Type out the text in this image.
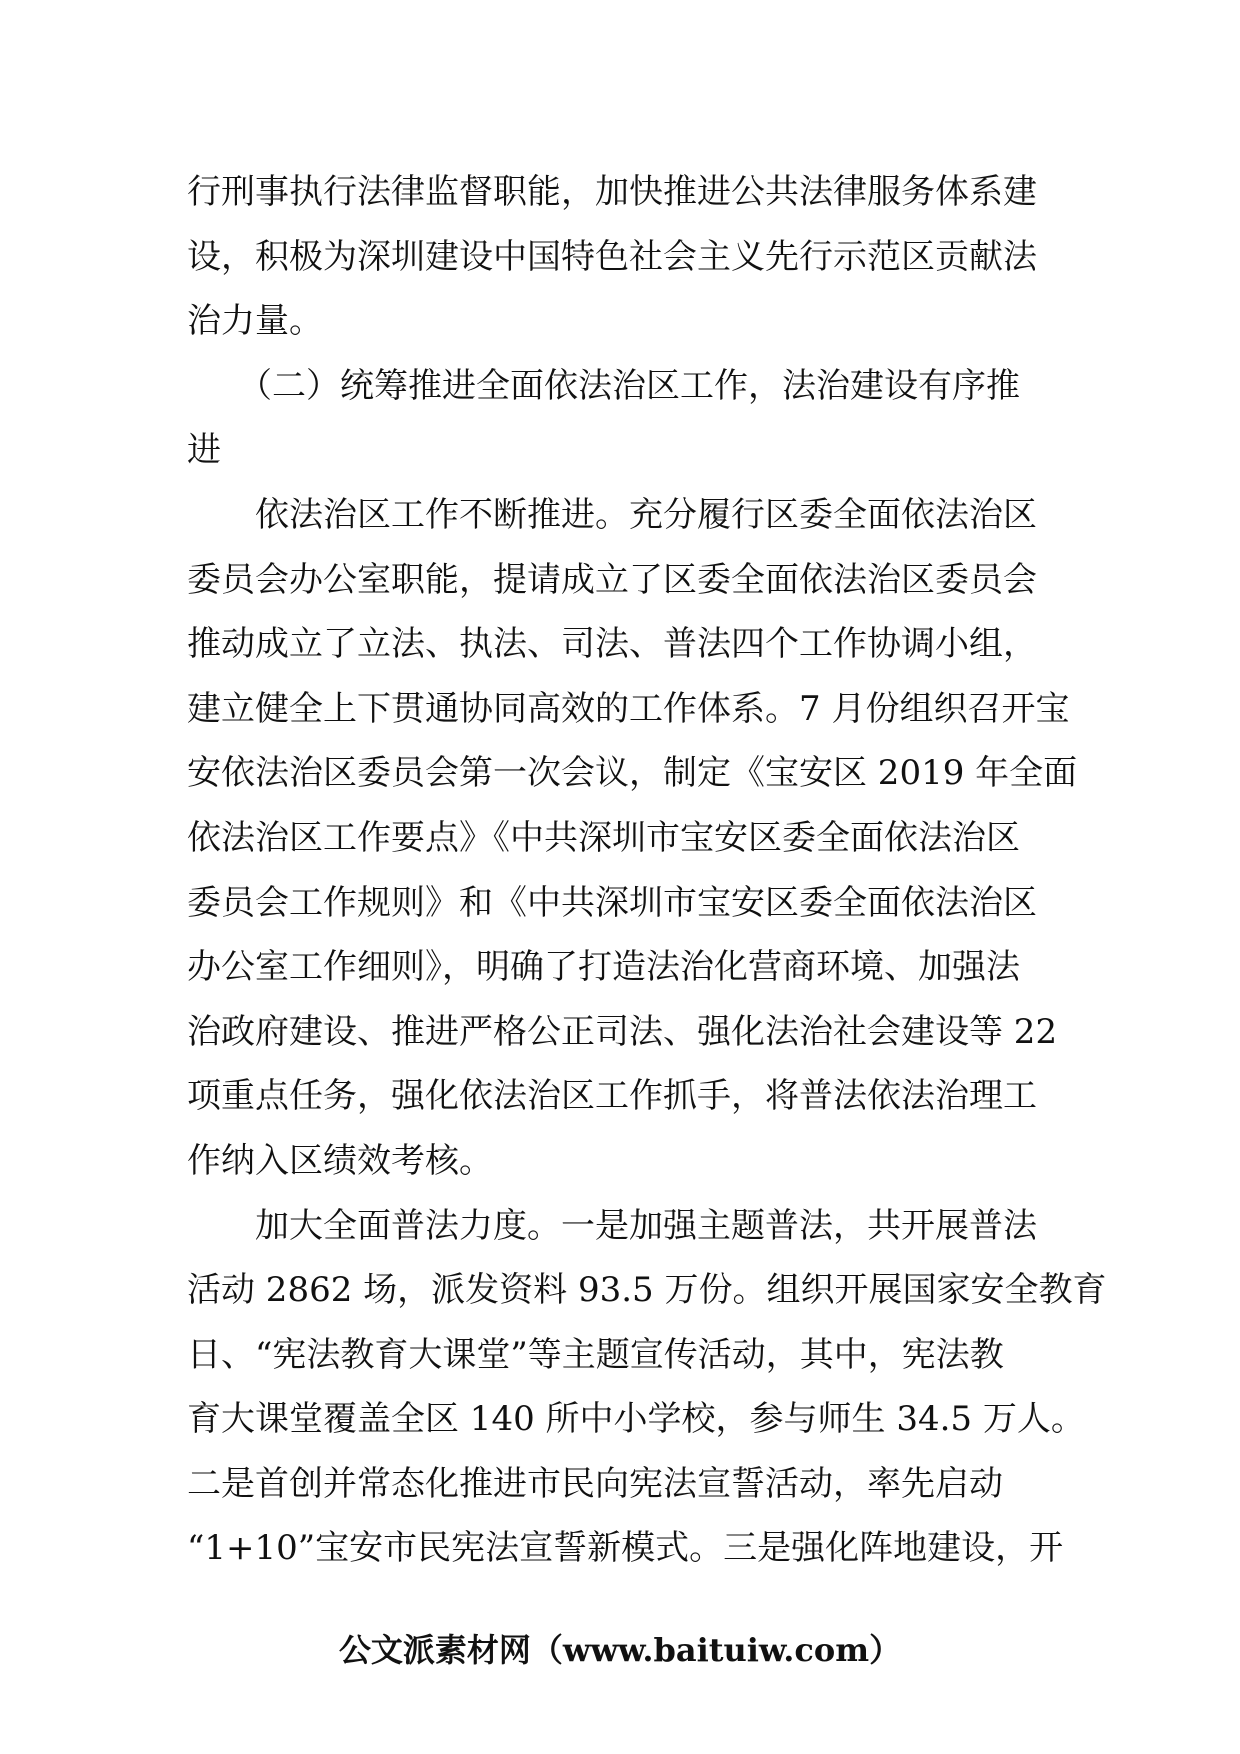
行刑事执行法律监督职能，加快推进公共法律服务体系建
设，积极为深圳建设中国特色社会主义先行示范区贡献法
治力量。
　　（二）统筹推进全面依法治区工作，法治建设有序推
进
　　依法治区工作不断推进。充分履行区委全面依法治区
委员会办公室职能，提请成立了区委全面依法治区委员会
推动成立了立法、执法、司法、普法四个工作协调小组，
建立健全上下贯通协同高效的工作体系。7 月份组织召开宝
安依法治区委员会第一次会议，制定《宝安区 2019 年全面
依法治区工作要点》《中共深圳市宝安区委全面依法治区
委员会工作规则》和《中共深圳市宝安区委全面依法治区
办公室工作细则》，明确了打造法治化营商环境、加强法
治政府建设、推进严格公正司法、强化法治社会建设等 22
项重点任务，强化依法治区工作抓手，将普法依法治理工
作纳入区绩效考核。
　　加大全面普法力度。一是加强主题普法，共开展普法
活动 2862 场，派发资料 93.5 万份。组织开展国家安全教育
日、“宪法教育大课堂”等主题宣传活动，其中，宪法教
育大课堂覆盖全区 140 所中小学校，参与师生 34.5 万人。
二是首创并常态化推进市民向宪法宣誓活动，率先启动
“1+10”宝安市民宪法宣誓新模式。三是强化阵地建设，开
公文派素材网（www.baituiw.com）
